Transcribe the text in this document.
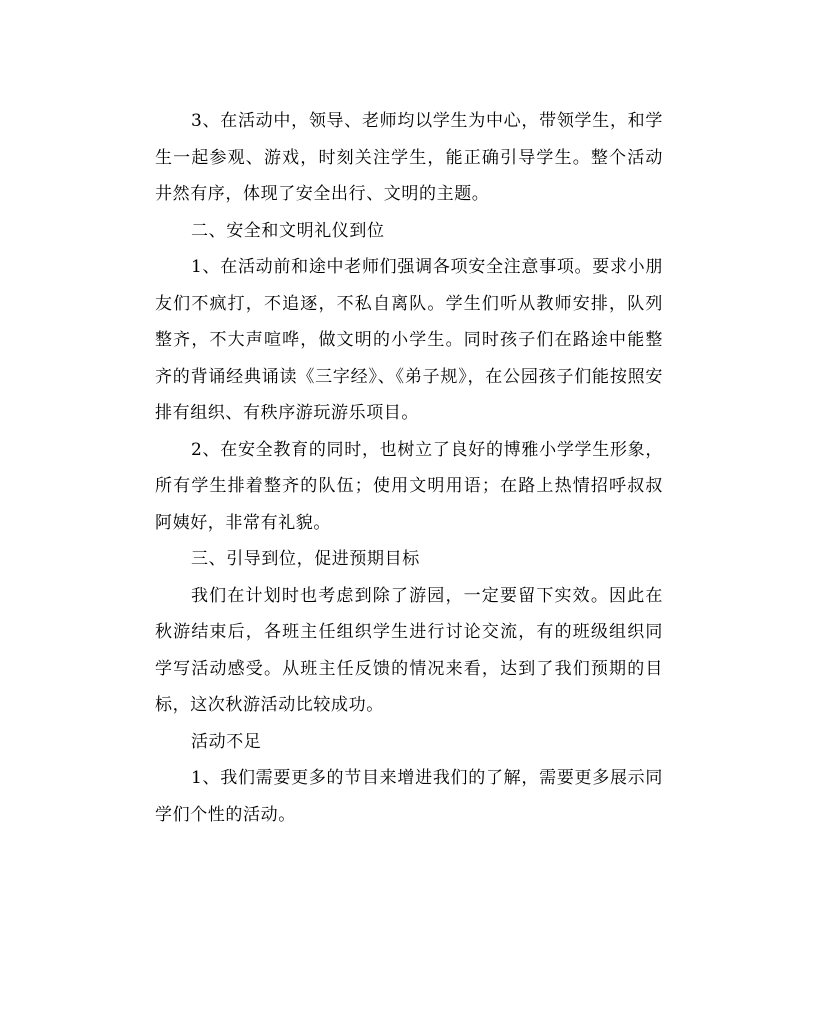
3、在活动中，领导、老师均以学生为中心，带领学生，和学生一起参观、游戏，时刻关注学生，能正确引导学生。整个活动井然有序，体现了安全出行、文明的主题。

二、安全和文明礼仪到位

1、在活动前和途中老师们强调各项安全注意事项。要求小朋友们不疯打，不追逐，不私自离队。学生们听从教师安排，队列整齐，不大声喧哗，做文明的小学生。同时孩子们在路途中能整齐的背诵经典诵读《三字经》、《弟子规》，在公园孩子们能按照安排有组织、有秩序游玩游乐项目。

2、在安全教育的同时，也树立了良好的博雅小学学生形象，所有学生排着整齐的队伍；使用文明用语；在路上热情招呼叔叔阿姨好，非常有礼貌。

三、引导到位，促进预期目标

我们在计划时也考虑到除了游园，一定要留下实效。因此在秋游结束后，各班主任组织学生进行讨论交流，有的班级组织同学写活动感受。从班主任反馈的情况来看，达到了我们预期的目标，这次秋游活动比较成功。

活动不足

1、我们需要更多的节目来增进我们的了解，需要更多展示同学们个性的活动。
